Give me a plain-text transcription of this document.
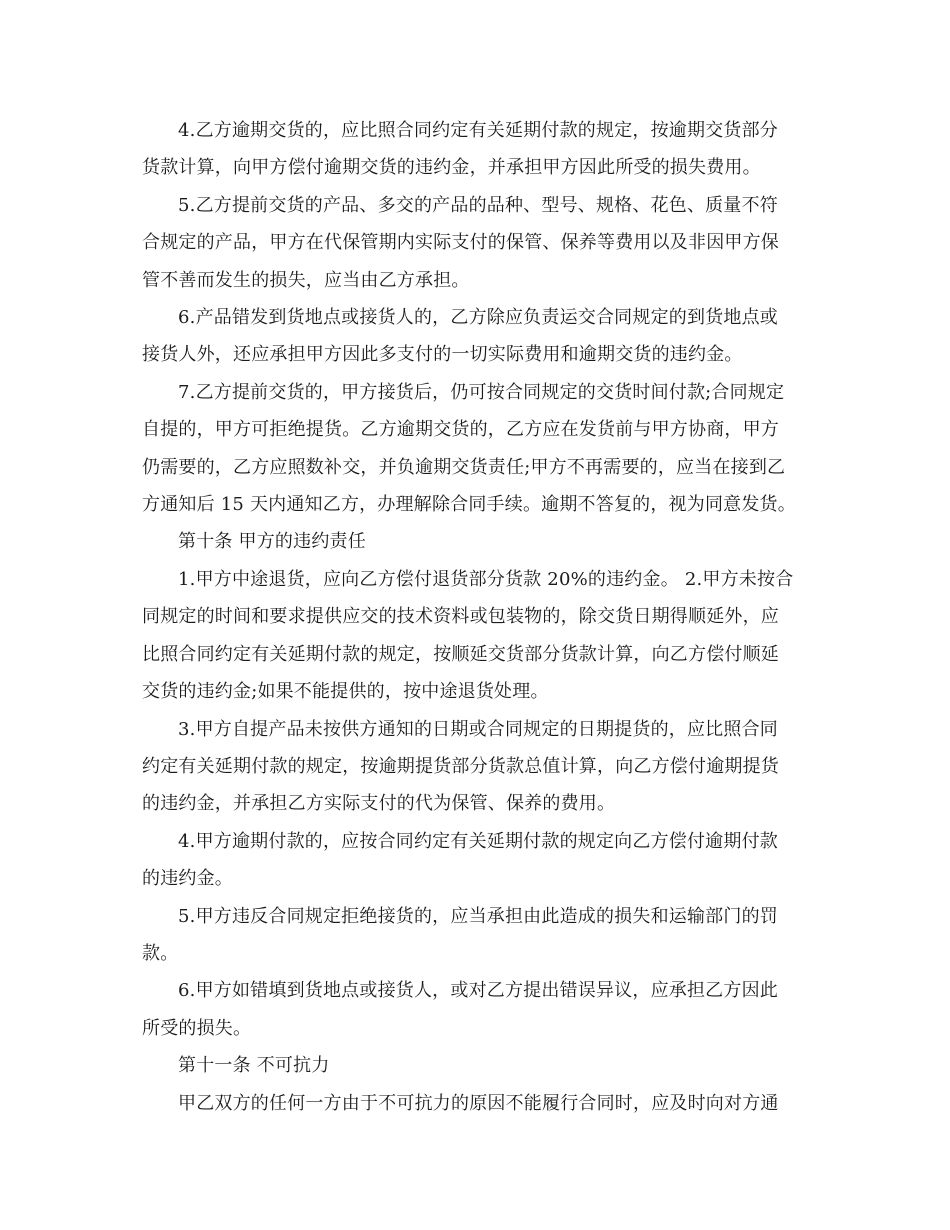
4.乙方逾期交货的，应比照合同约定有关延期付款的规定，按逾期交货部分
货款计算，向甲方偿付逾期交货的违约金，并承担甲方因此所受的损失费用。

5.乙方提前交货的产品、多交的产品的品种、型号、规格、花色、质量不符
合规定的产品，甲方在代保管期内实际支付的保管、保养等费用以及非因甲方保
管不善而发生的损失，应当由乙方承担。

6.产品错发到货地点或接货人的，乙方除应负责运交合同规定的到货地点或
接货人外，还应承担甲方因此多支付的一切实际费用和逾期交货的违约金。

7.乙方提前交货的，甲方接货后，仍可按合同规定的交货时间付款;合同规定
自提的，甲方可拒绝提货。乙方逾期交货的，乙方应在发货前与甲方协商，甲方
仍需要的，乙方应照数补交，并负逾期交货责任;甲方不再需要的，应当在接到乙
方通知后 15 天内通知乙方，办理解除合同手续。逾期不答复的，视为同意发货。

第十条 甲方的违约责任

1.甲方中途退货，应向乙方偿付退货部分货款 20%的违约金。 2.甲方未按合
同规定的时间和要求提供应交的技术资料或包装物的，除交货日期得顺延外，应
比照合同约定有关延期付款的规定，按顺延交货部分货款计算，向乙方偿付顺延
交货的违约金;如果不能提供的，按中途退货处理。

3.甲方自提产品未按供方通知的日期或合同规定的日期提货的，应比照合同
约定有关延期付款的规定，按逾期提货部分货款总值计算，向乙方偿付逾期提货
的违约金，并承担乙方实际支付的代为保管、保养的费用。

4.甲方逾期付款的，应按合同约定有关延期付款的规定向乙方偿付逾期付款
的违约金。

5.甲方违反合同规定拒绝接货的，应当承担由此造成的损失和运输部门的罚
款。

6.甲方如错填到货地点或接货人，或对乙方提出错误异议，应承担乙方因此
所受的损失。

第十一条 不可抗力

甲乙双方的任何一方由于不可抗力的原因不能履行合同时，应及时向对方通
